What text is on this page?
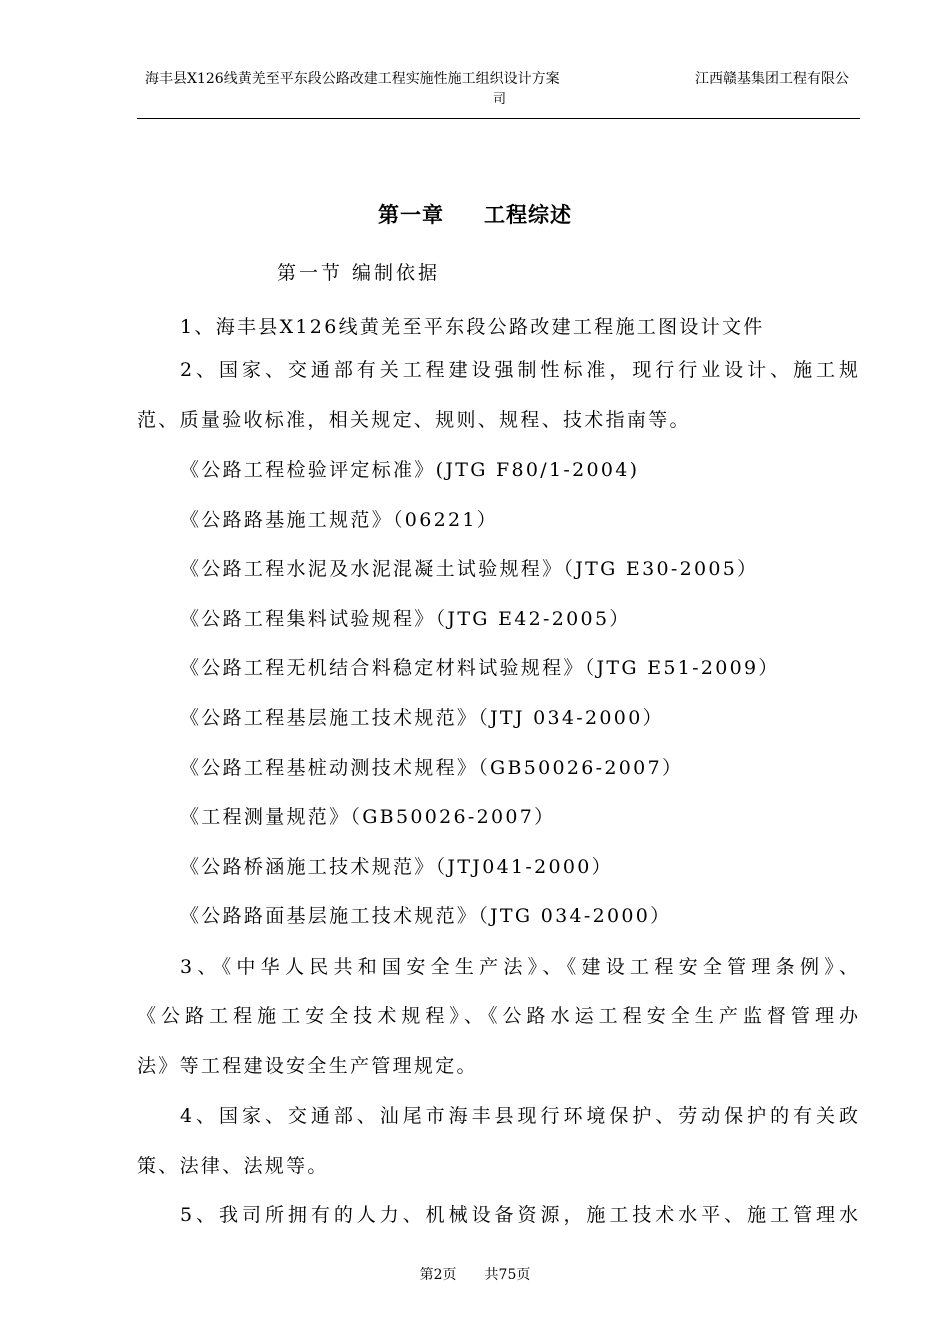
海丰县X126线黄羌至平东段公路改建工程实施性施工组织设计方案	江西赣基集团工程有限公
司
第一章 工程综述
第一节 编制依据
1、海丰县X126线黄羌至平东段公路改建工程施工图设计文件
2、国家、交通部有关工程建设强制性标准，现行行业设计、施工规
范、质量验收标准，相关规定、规则、规程、技术指南等。
《公路工程检验评定标准》(JTG F80/1-2004)
《公路路基施工规范》（06221）
《公路工程水泥及水泥混凝土试验规程》（JTG E30-2005）
《公路工程集料试验规程》（JTG E42-2005）
《公路工程无机结合料稳定材料试验规程》（JTG E51-2009）
《公路工程基层施工技术规范》（JTJ 034-2000）
《公路工程基桩动测技术规程》（GB50026-2007）
《工程测量规范》（GB50026-2007）
《公路桥涵施工技术规范》（JTJ041-2000）
《公路路面基层施工技术规范》（JTG 034-2000）
3、《中华人民共和国安全生产法》、《建设工程安全管理条例》、
《公路工程施工安全技术规程》、《公路水运工程安全生产监督管理办
法》等工程建设安全生产管理规定。
4、国家、交通部、汕尾市海丰县现行环境保护、劳动保护的有关政
策、法律、法规等。
5、我司所拥有的人力、机械设备资源，施工技术水平、施工管理水
第2页 共75页
